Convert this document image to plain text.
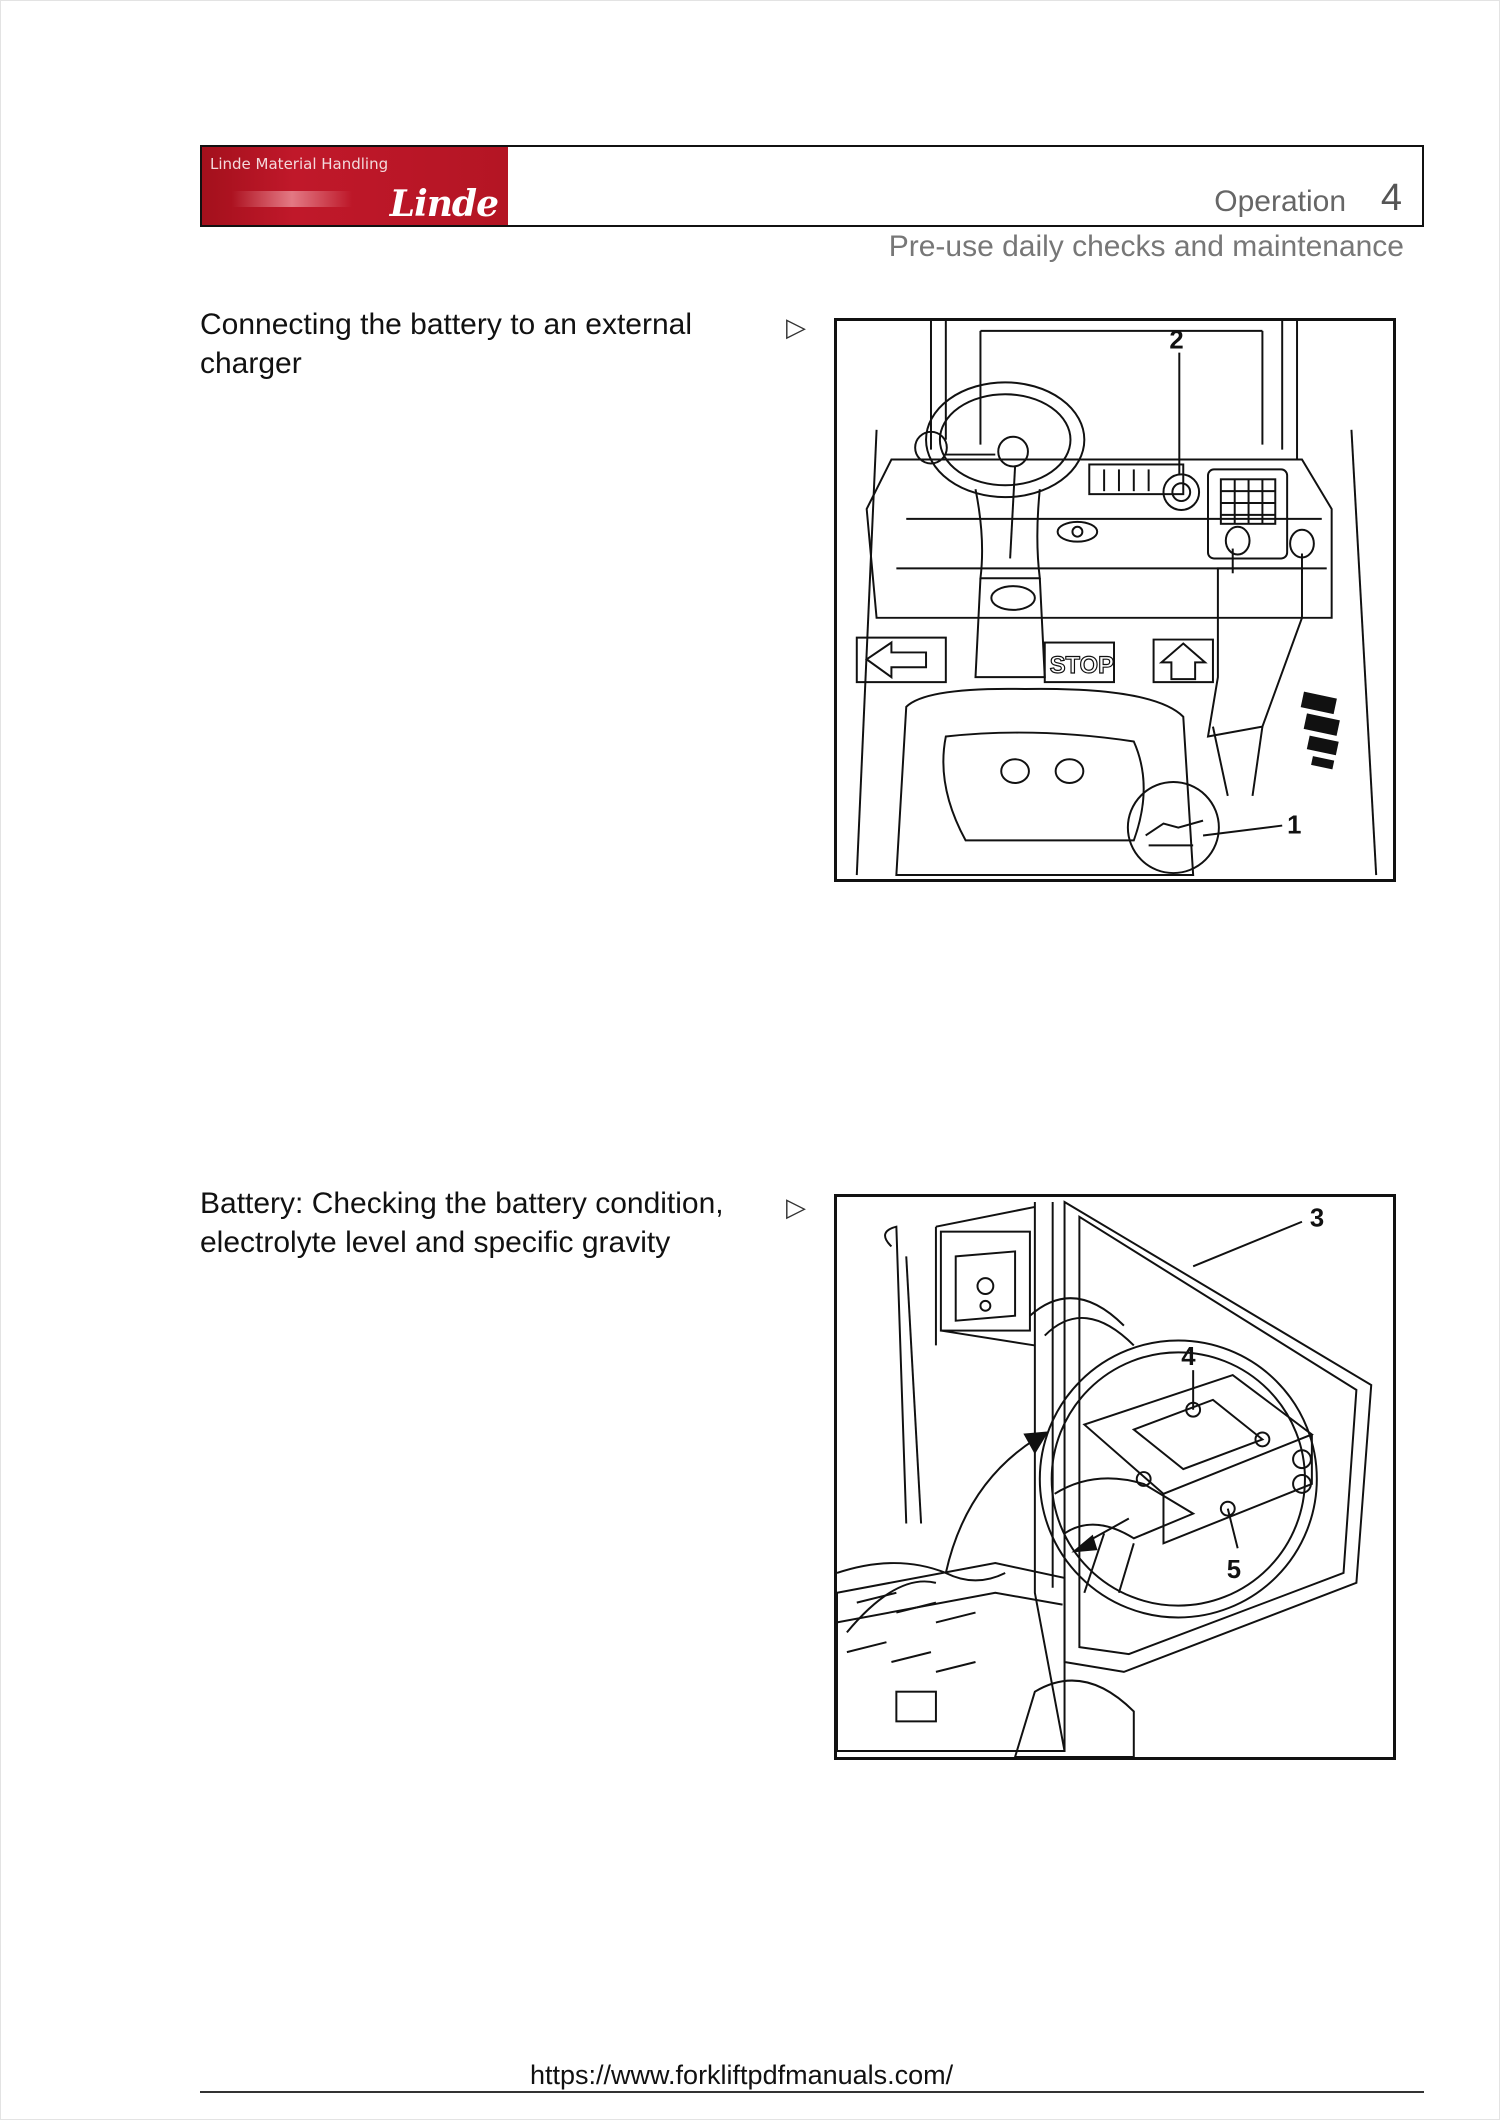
Linde Material Handling
Linde	Operation 4
Pre-use daily checks and maintenance
Connecting the battery to an external charger
▷
STOP
2
1
Battery: Checking the battery condition, electrolyte level and specific gravity
▷	3
4
5
https://www.forkliftpdfmanuals.com/
